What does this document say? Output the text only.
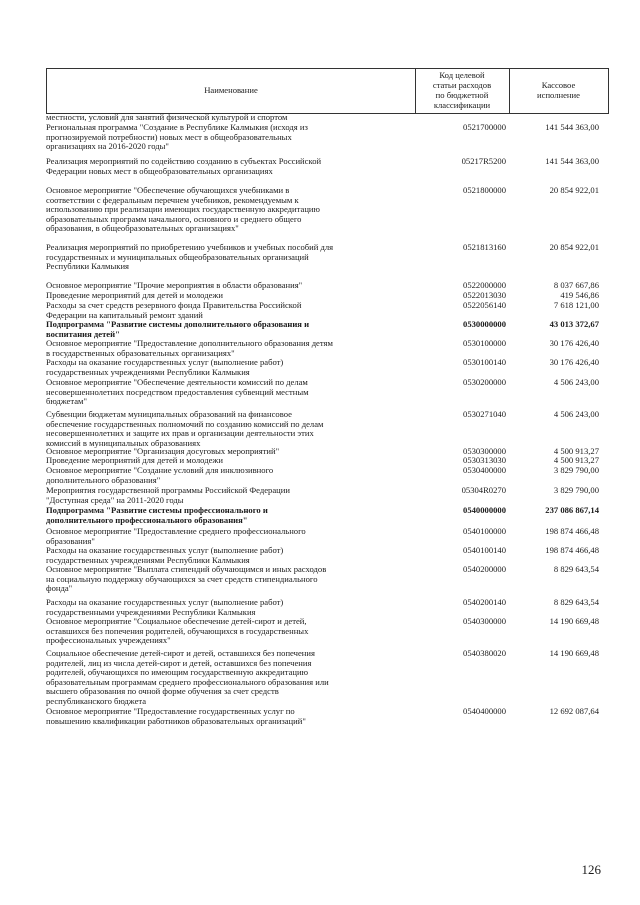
Наименование
Код целевой
статьи расходов
по бюджетной
классификации
Кассовое
исполнение
местности, условий для занятий физической культурой и спортом
Региональная программа "Создание в Республике Калмыкия (исходя из
прогнозируемой потребности) новых мест в общеобразовательных
организациях на 2016-2020 годы"
0521700000	141 544 363,00
Реализация мероприятий по содействию созданию в субъектах Российской
Федерации новых мест в общеобразовательных организациях
05217R5200	141 544 363,00
Основное мероприятие "Обеспечение обучающихся учебниками в
соответствии с федеральным перечнем учебников, рекомендуемым к
использованию при реализации имеющих государственную аккредитацию
образовательных программ начального, основного и среднего общего
образования, в общеобразовательных организациях"
0521800000	20 854 922,01
Реализация мероприятий по приобретению учебников и учебных пособий для
государственных и муниципальных общеобразовательных организаций
Республики Калмыкия
0521813160	20 854 922,01
Основное мероприятие "Прочие мероприятия в области образования"	0522000000	8 037 667,86
Проведение мероприятий для детей и молодежи	0522013030	419 546,86
Расходы за счет средств резервного фонда Правительства Российской
Федерации на капитальный ремонт зданий
0522056140	7 618 121,00
Подпрограмма "Развитие системы дополнительного образования и
воспитания детей"
0530000000	43 013 372,67
Основное мероприятие "Предоставление дополнительного образования детям
в государственных образовательных организациях"
0530100000	30 176 426,40
Расходы на оказание государственных услуг (выполнение работ)
государственных учреждениями Республики Калмыкия
0530100140	30 176 426,40
Основное мероприятие "Обеспечение деятельности комиссий по делам
несовершеннолетних посредством предоставления субвенций местным
бюджетам"
0530200000	4 506 243,00
Субвенции бюджетам муниципальных образований на финансовое
обеспечение государственных полномочий по созданию комиссий по делам
несовершеннолетних и защите их прав и организации деятельности этих
комиссий в муниципальных образованиях
0530271040	4 506 243,00
Основное мероприятие "Организация досуговых мероприятий"	0530300000	4 500 913,27
Проведение мероприятий для детей и молодежи	0530313030	4 500 913,27
Основное мероприятие "Создание условий для инклюзивного
дополнительного образования"
0530400000	3 829 790,00
Мероприятия государственной программы Российской Федерации
"Доступная среда" на 2011-2020 годы
05304R0270	3 829 790,00
Подпрограмма "Развитие системы профессионального и
дополнительного профессионального образования"
0540000000	237 086 867,14
Основное мероприятие "Предоставление среднего профессионального
образования"
0540100000	198 874 466,48
Расходы на оказание государственных услуг (выполнение работ)
государственных учреждениями Республики Калмыкия
0540100140	198 874 466,48
Основное мероприятие "Выплата стипендий обучающимся и иных расходов
на социальную поддержку обучающихся за счет средств стипендиального
фонда"
0540200000	8 829 643,54
Расходы на оказание государственных услуг (выполнение работ)
государственными учреждениями Республики Калмыкия
0540200140	8 829 643,54
Основное мероприятие "Социальное обеспечение детей-сирот и детей,
оставшихся без попечения родителей, обучающихся в государственных
профессиональных учреждениях"
0540300000	14 190 669,48
Социальное обеспечение детей-сирот и детей, оставшихся без попечения
родителей, лиц из числа детей-сирот и детей, оставшихся без попечения
родителей, обучающихся по имеющим государственную аккредитацию
образовательным программам среднего профессионального образования или
высшего образования по очной форме обучения за счет средств
республиканского бюджета
0540380020	14 190 669,48
Основное мероприятие "Предоставление государственных услуг по
повышению квалификации работников образовательных организаций"
0540400000	12 692 087,64
126
